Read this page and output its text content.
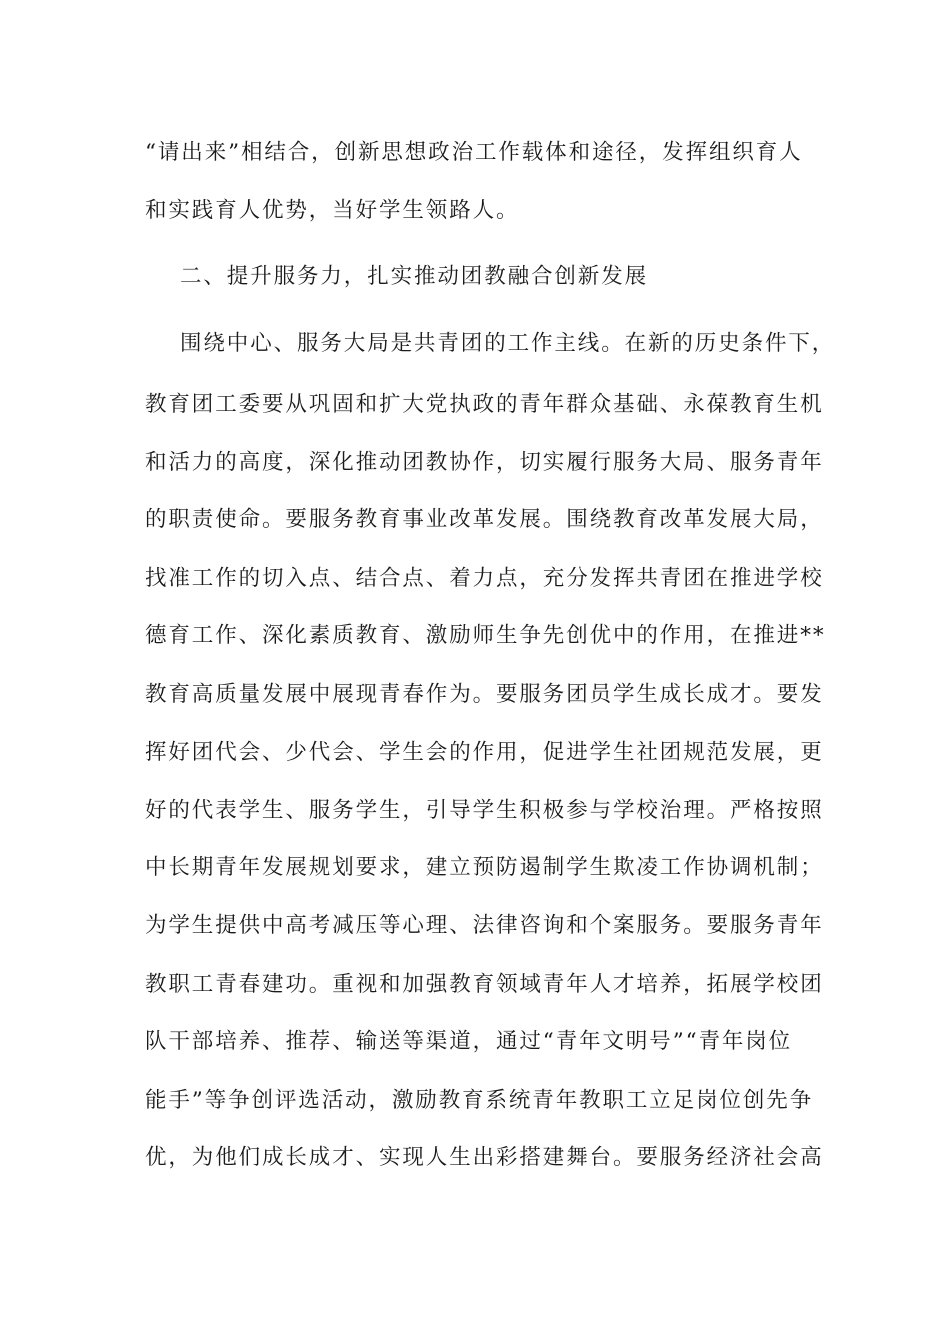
“请出来”相结合，创新思想政治工作载体和途径，发挥组织育人
和实践育人优势，当好学生领路人。
二、提升服务力，扎实推动团教融合创新发展
围绕中心、服务大局是共青团的工作主线。在新的历史条件下，
教育团工委要从巩固和扩大党执政的青年群众基础、永葆教育生机
和活力的高度，深化推动团教协作，切实履行服务大局、服务青年
的职责使命。要服务教育事业改革发展。围绕教育改革发展大局，
找准工作的切入点、结合点、着力点，充分发挥共青团在推进学校
德育工作、深化素质教育、激励师生争先创优中的作用，在推进**
教育高质量发展中展现青春作为。要服务团员学生成长成才。要发
挥好团代会、少代会、学生会的作用，促进学生社团规范发展，更
好的代表学生、服务学生，引导学生积极参与学校治理。严格按照
中长期青年发展规划要求，建立预防遏制学生欺凌工作协调机制；
为学生提供中高考减压等心理、法律咨询和个案服务。要服务青年
教职工青春建功。重视和加强教育领域青年人才培养，拓展学校团
队干部培养、推荐、输送等渠道，通过“青年文明号”“青年岗位
能手”等争创评选活动，激励教育系统青年教职工立足岗位创先争
优，为他们成长成才、实现人生出彩搭建舞台。要服务经济社会高
